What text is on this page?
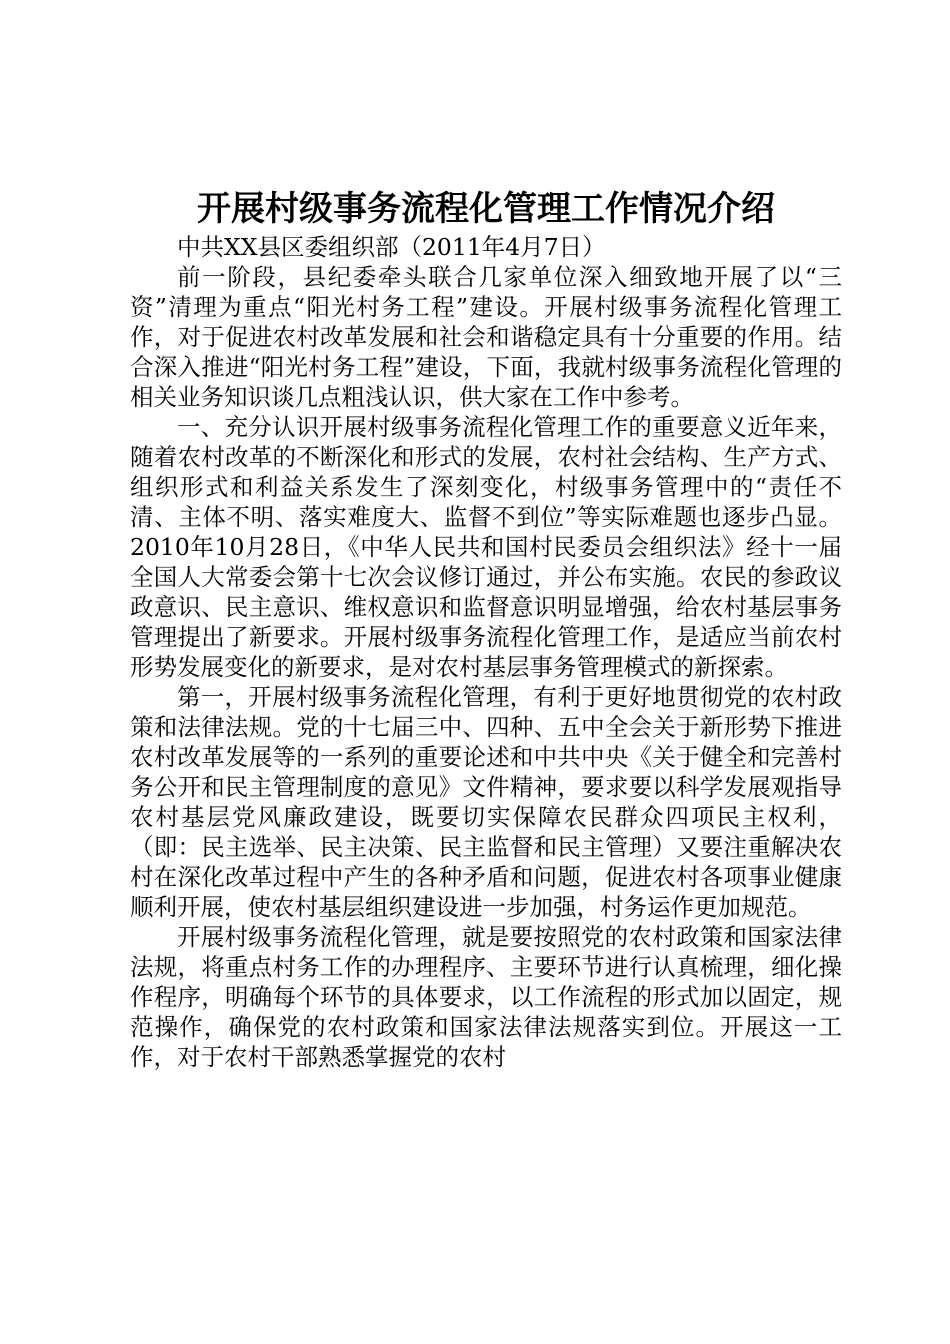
开展村级事务流程化管理工作情况介绍

中共XX县区委组织部（2011年4月7日）

前一阶段，县纪委牵头联合几家单位深入细致地开展了以“三资”清理为重点“阳光村务工程”建设。开展村级事务流程化管理工作，对于促进农村改革发展和社会和谐稳定具有十分重要的作用。结合深入推进“阳光村务工程”建设，下面，我就村级事务流程化管理的相关业务知识谈几点粗浅认识，供大家在工作中参考。

一、充分认识开展村级事务流程化管理工作的重要意义近年来，随着农村改革的不断深化和形式的发展，农村社会结构、生产方式、组织形式和利益关系发生了深刻变化，村级事务管理中的“责任不清、主体不明、落实难度大、监督不到位”等实际难题也逐步凸显。2010年10月28日，《中华人民共和国村民委员会组织法》经十一届全国人大常委会第十七次会议修订通过，并公布实施。农民的参政议政意识、民主意识、维权意识和监督意识明显增强，给农村基层事务管理提出了新要求。开展村级事务流程化管理工作，是适应当前农村形势发展变化的新要求，是对农村基层事务管理模式的新探索。

第一，开展村级事务流程化管理，有利于更好地贯彻党的农村政策和法律法规。党的十七届三中、四种、五中全会关于新形势下推进农村改革发展等的一系列的重要论述和中共中央《关于健全和完善村务公开和民主管理制度的意见》文件精神，要求要以科学发展观指导农村基层党风廉政建设，既要切实保障农民群众四项民主权利，（即：民主选举、民主决策、民主监督和民主管理）又要注重解决农村在深化改革过程中产生的各种矛盾和问题，促进农村各项事业健康顺利开展，使农村基层组织建设进一步加强，村务运作更加规范。

开展村级事务流程化管理，就是要按照党的农村政策和国家法律法规，将重点村务工作的办理程序、主要环节进行认真梳理，细化操作程序，明确每个环节的具体要求，以工作流程的形式加以固定，规范操作，确保党的农村政策和国家法律法规落实到位。开展这一工作，对于农村干部熟悉掌握党的农村
